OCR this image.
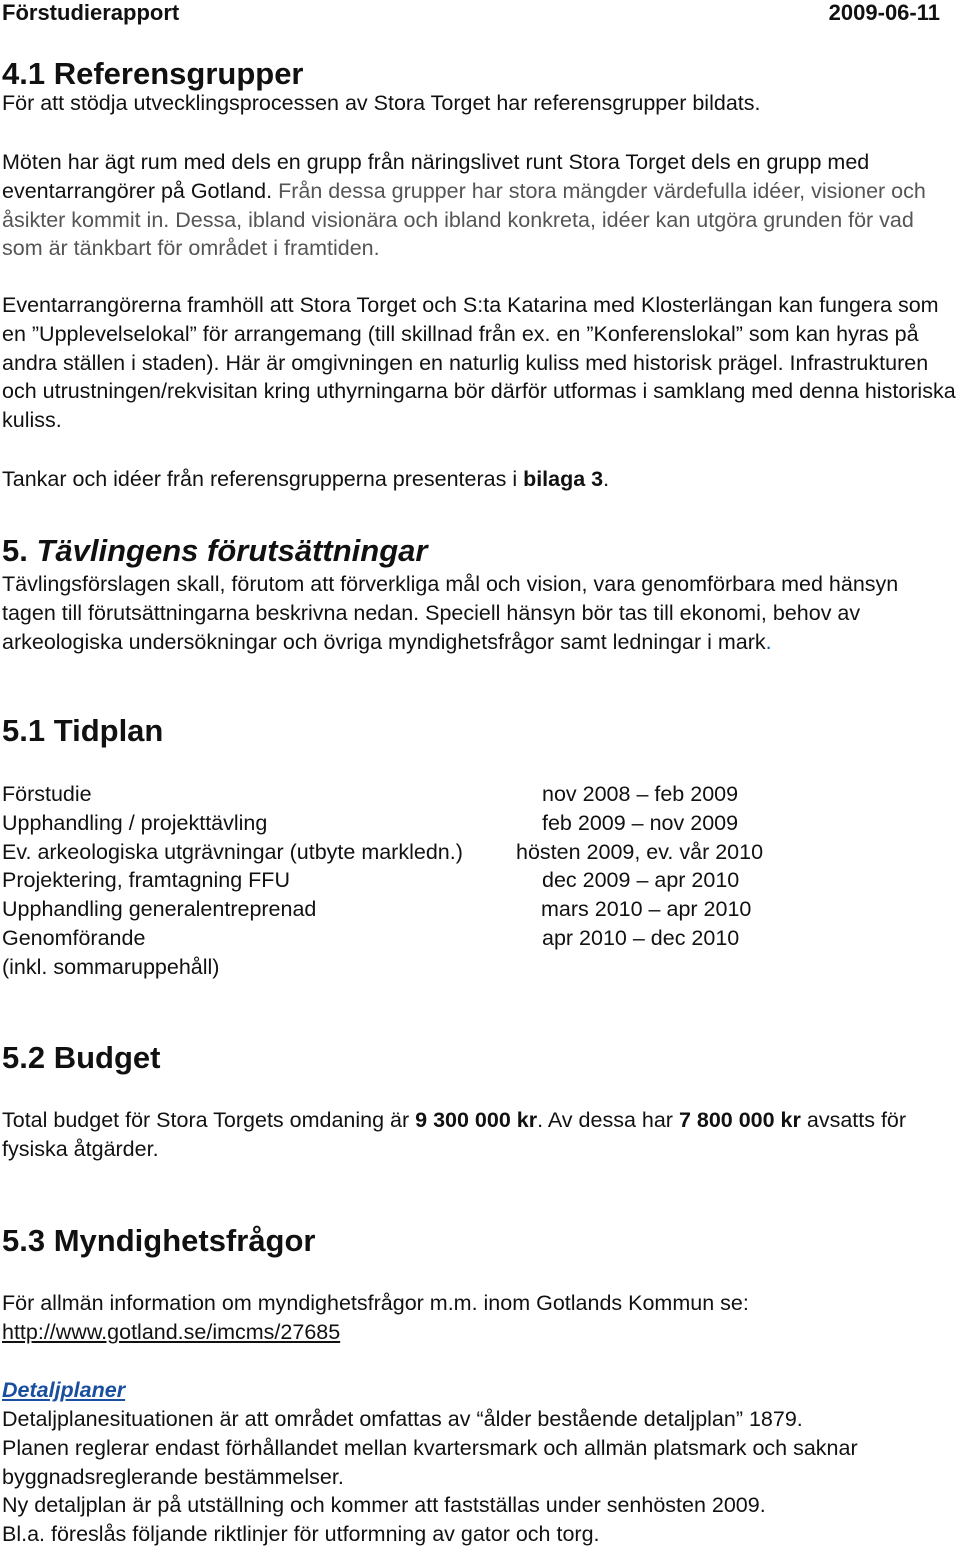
Förstudierapport	2009-06-11
4.1 Referensgrupper

För att stödja utvecklingsprocessen av Stora Torget har referensgrupper bildats.

Möten har ägt rum med dels en grupp från näringslivet runt Stora Torget dels en grupp med eventarrangörer på Gotland. Från dessa grupper har stora mängder värdefulla idéer, visioner och åsikter kommit in. Dessa, ibland visionära och ibland konkreta, idéer kan utgöra grunden för vad som är tänkbart för området i framtiden.

Eventarrangörerna framhöll att Stora Torget och S:ta Katarina med Klosterlängan kan fungera som en ”Upplevelselokal” för arrangemang (till skillnad från ex. en ”Konferenslokal” som kan hyras på andra ställen i staden). Här är omgivningen en naturlig kuliss med historisk prägel. Infrastrukturen och utrustningen/rekvisitan kring uthyrningarna bör därför utformas i samklang med denna historiska kuliss.

Tankar och idéer från referensgrupperna presenteras i bilaga 3.

5. Tävlingens förutsättningar

Tävlingsförslagen skall, förutom att förverkliga mål och vision, vara genomförbara med hänsyn tagen till förutsättningarna beskrivna nedan. Speciell hänsyn bör tas till ekonomi, behov av arkeologiska undersökningar och övriga myndighetsfrågor samt ledningar i mark.

5.1 Tidplan
Förstudie	nov 2008 – feb 2009
Upphandling / projekttävling	feb 2009 – nov 2009
Ev. arkeologiska utgrävningar (utbyte markledn.) hösten 2009, ev. vår 2010
Projektering, framtagning FFU	dec 2009 – apr 2010
Upphandling generalentreprenad	mars 2010 – apr 2010
Genomförande	apr 2010 – dec 2010
(inkl. sommaruppehåll)
5.2 Budget

Total budget för Stora Torgets omdaning är 9 300 000 kr. Av dessa har 7 800 000 kr avsatts för fysiska åtgärder.

5.3 Myndighetsfrågor

För allmän information om myndighetsfrågor m.m. inom Gotlands Kommun se:

http://www.gotland.se/imcms/27685

Detaljplaner

Detaljplanesituationen är att området omfattas av “ålder bestående detaljplan” 1879.

Planen reglerar endast förhållandet mellan kvartersmark och allmän platsmark och saknar byggnadsreglerande bestämmelser.

Ny detaljplan är på utställning och kommer att fastställas under senhösten 2009.

Bl.a. föreslås följande riktlinjer för utformning av gator och torg.
